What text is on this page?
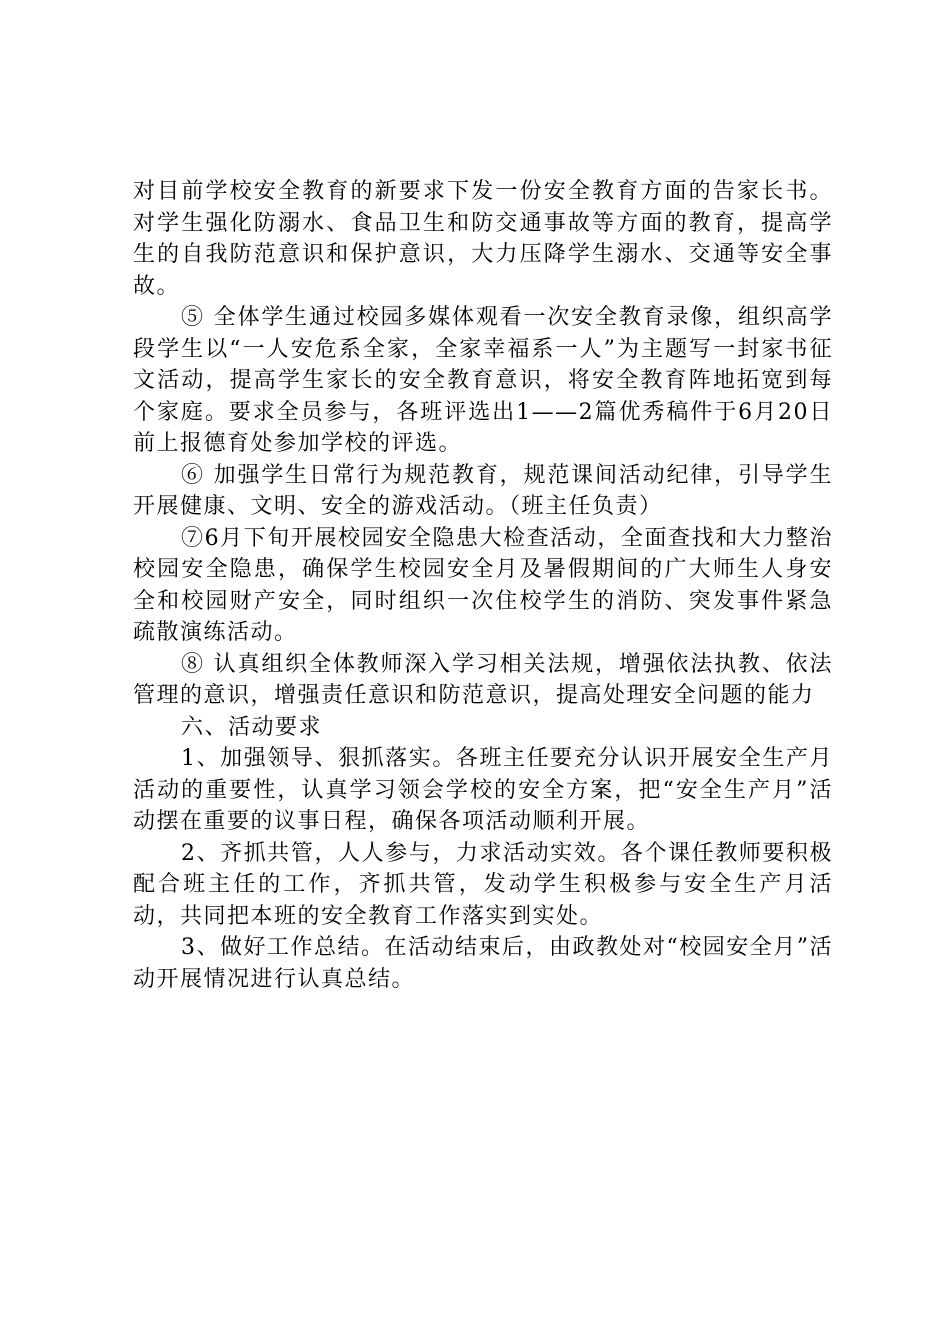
对目前学校安全教育的新要求下发一份安全教育方面的告家长书。对学生强化防溺水、食品卫生和防交通事故等方面的教育，提高学生的自我防范意识和保护意识，大力压降学生溺水、交通等安全事故。

⑤ 全体学生通过校园多媒体观看一次安全教育录像，组织高学段学生以“一人安危系全家，全家幸福系一人”为主题写一封家书征文活动，提高学生家长的安全教育意识，将安全教育阵地拓宽到每个家庭。要求全员参与，各班评选出1——2篇优秀稿件于6月20日前上报德育处参加学校的评选。

⑥ 加强学生日常行为规范教育，规范课间活动纪律，引导学生开展健康、文明、安全的游戏活动。（班主任负责）

⑦6月下旬开展校园安全隐患大检查活动，全面查找和大力整治校园安全隐患，确保学生校园安全月及暑假期间的广大师生人身安全和校园财产安全，同时组织一次住校学生的消防、突发事件紧急疏散演练活动。

⑧ 认真组织全体教师深入学习相关法规，增强依法执教、依法管理的意识，增强责任意识和防范意识，提高处理安全问题的能力

六、活动要求

1、加强领导、狠抓落实。各班主任要充分认识开展安全生产月活动的重要性，认真学习领会学校的安全方案，把“安全生产月”活动摆在重要的议事日程，确保各项活动顺利开展。

2、齐抓共管，人人参与，力求活动实效。各个课任教师要积极配合班主任的工作，齐抓共管，发动学生积极参与安全生产月活动，共同把本班的安全教育工作落实到实处。

3、做好工作总结。在活动结束后，由政教处对“校园安全月”活动开展情况进行认真总结。
